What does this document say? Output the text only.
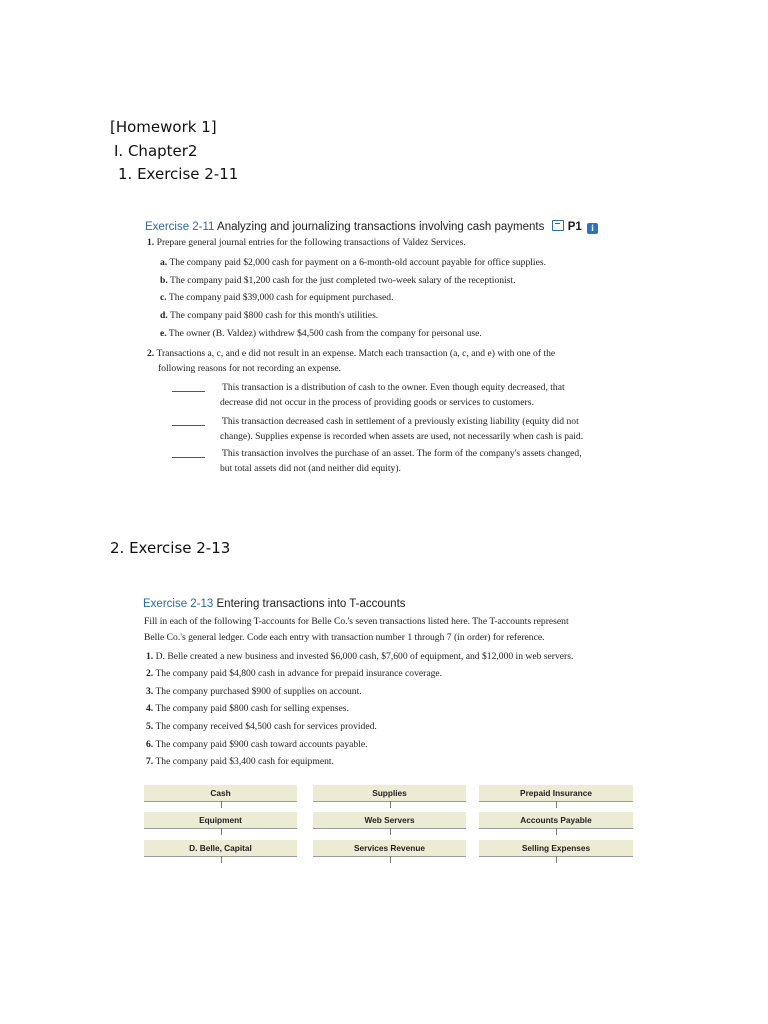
[Homework 1]
Ⅰ. Chapter2
1. Exercise 2-11
Exercise 2-11 Analyzing and journalizing transactions involving cash payments P1 i
1. Prepare general journal entries for the following transactions of Valdez Services.
a. The company paid $2,000 cash for payment on a 6-month-old account payable for office supplies.
b. The company paid $1,200 cash for the just completed two-week salary of the receptionist.
c. The company paid $39,000 cash for equipment purchased.
d. The company paid $800 cash for this month's utilities.
e. The owner (B. Valdez) withdrew $4,500 cash from the company for personal use.
2. Transactions a, c, and e did not result in an expense. Match each transaction (a, c, and e) with one of the
following reasons for not recording an expense.
This transaction is a distribution of cash to the owner. Even though equity decreased, that
decrease did not occur in the process of providing goods or services to customers.
This transaction decreased cash in settlement of a previously existing liability (equity did not
change). Supplies expense is recorded when assets are used, not necessarily when cash is paid.
This transaction involves the purchase of an asset. The form of the company's assets changed,
but total assets did not (and neither did equity).
2. Exercise 2-13
Exercise 2-13 Entering transactions into T-accounts
Fill in each of the following T-accounts for Belle Co.'s seven transactions listed here. The T-accounts represent
Belle Co.'s general ledger. Code each entry with transaction number 1 through 7 (in order) for reference.
1. D. Belle created a new business and invested $6,000 cash, $7,600 of equipment, and $12,000 in web servers.
2. The company paid $4,800 cash in advance for prepaid insurance coverage.
3. The company purchased $900 of supplies on account.
4. The company paid $800 cash for selling expenses.
5. The company received $4,500 cash for services provided.
6. The company paid $900 cash toward accounts payable.
7. The company paid $3,400 cash for equipment.
Cash	Supplies	Prepaid Insurance
Equipment	Web Servers	Accounts Payable
D. Belle, Capital	Services Revenue	Selling Expenses
